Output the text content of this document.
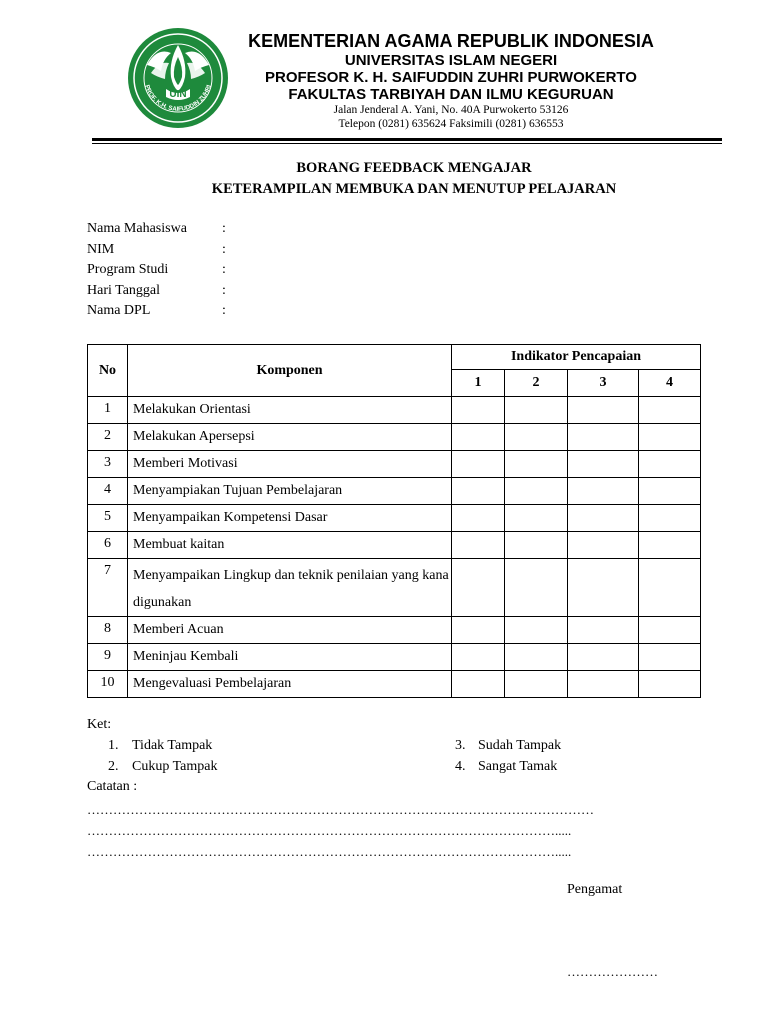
UIN
PROF. K.H. SAIFUDDIN ZUHRI
KEMENTERIAN AGAMA REPUBLIK INDONESIA
UNIVERSITAS ISLAM NEGERI
PROFESOR K. H. SAIFUDDIN ZUHRI PURWOKERTO
FAKULTAS TARBIYAH DAN ILMU KEGURUAN
Jalan Jenderal A. Yani, No. 40A Purwokerto 53126
Telepon (0281) 635624 Faksimili (0281) 636553
BORANG FEEDBACK MENGAJAR
KETERAMPILAN MEMBUKA DAN MENUTUP PELAJARAN
Nama Mahasiswa	:
NIM	:
Program Studi	:
Hari Tanggal	:
Nama DPL	:
No	Komponen	Indikator Pencapaian			
		1	2	3	4
1	Melakukan Orientasi				
2	Melakukan Apersepsi				
3	Memberi Motivasi				
4	Menyampiakan Tujuan Pembelajaran				
5	Menyampaikan Kompetensi Dasar				
6	Membuat kaitan				
7	Menyampaikan Lingkup dan teknik penilaian yang kana digunakan				
8	Memberi Acuan				
9	Meninjau Kembali				
10	Mengevaluasi Pembelajaran				
Ket:
1. Tidak Tampak
2. Cukup Tampak
3. Sudah Tampak
4. Sangat Tamak
Catatan :
………………………………………………………………………………………………………
……………………………………………………………………………………………….....
……………………………………………………………………………………………….....
Pengamat
…………………
